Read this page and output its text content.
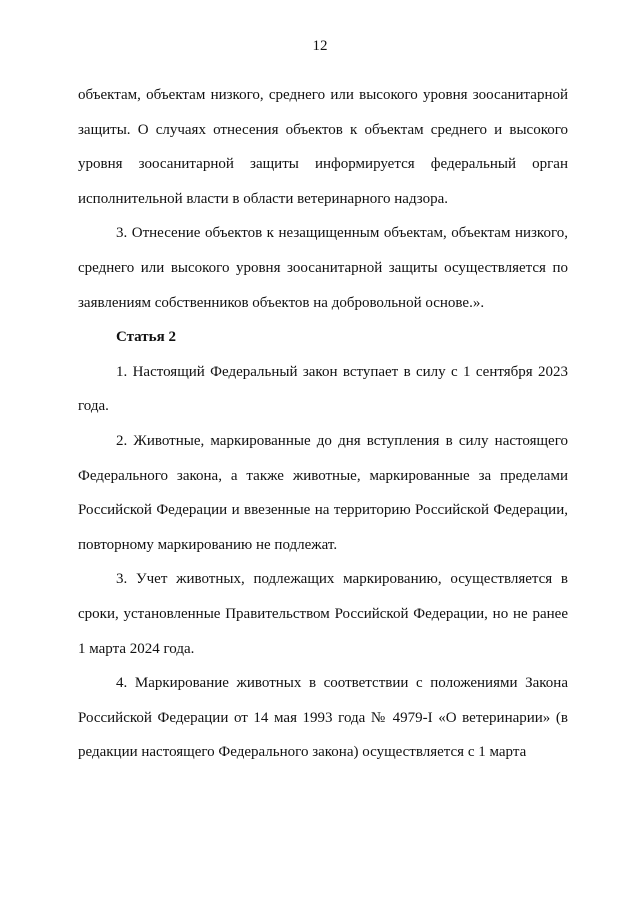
12

объектам, объектам низкого, среднего или высокого уровня зоосанитарной защиты. О случаях отнесения объектов к объектам среднего и высокого уровня зоосанитарной защиты информируется федеральный орган исполнительной власти в области ветеринарного надзора.

3. Отнесение объектов к незащищенным объектам, объектам низкого, среднего или высокого уровня зоосанитарной защиты осуществляется по заявлениям собственников объектов на добровольной основе.».

Статья 2

1. Настоящий Федеральный закон вступает в силу с 1 сентября 2023 года.

2. Животные, маркированные до дня вступления в силу настоящего Федерального закона, а также животные, маркированные за пределами Российской Федерации и ввезенные на территорию Российской Федерации, повторному маркированию не подлежат.

3. Учет животных, подлежащих маркированию, осуществляется в сроки, установленные Правительством Российской Федерации, но не ранее 1 марта 2024 года.

4. Маркирование животных в соответствии с положениями Закона Российской Федерации от 14 мая 1993 года № 4979-I «О ветеринарии» (в редакции настоящего Федерального закона) осуществляется с 1 марта
